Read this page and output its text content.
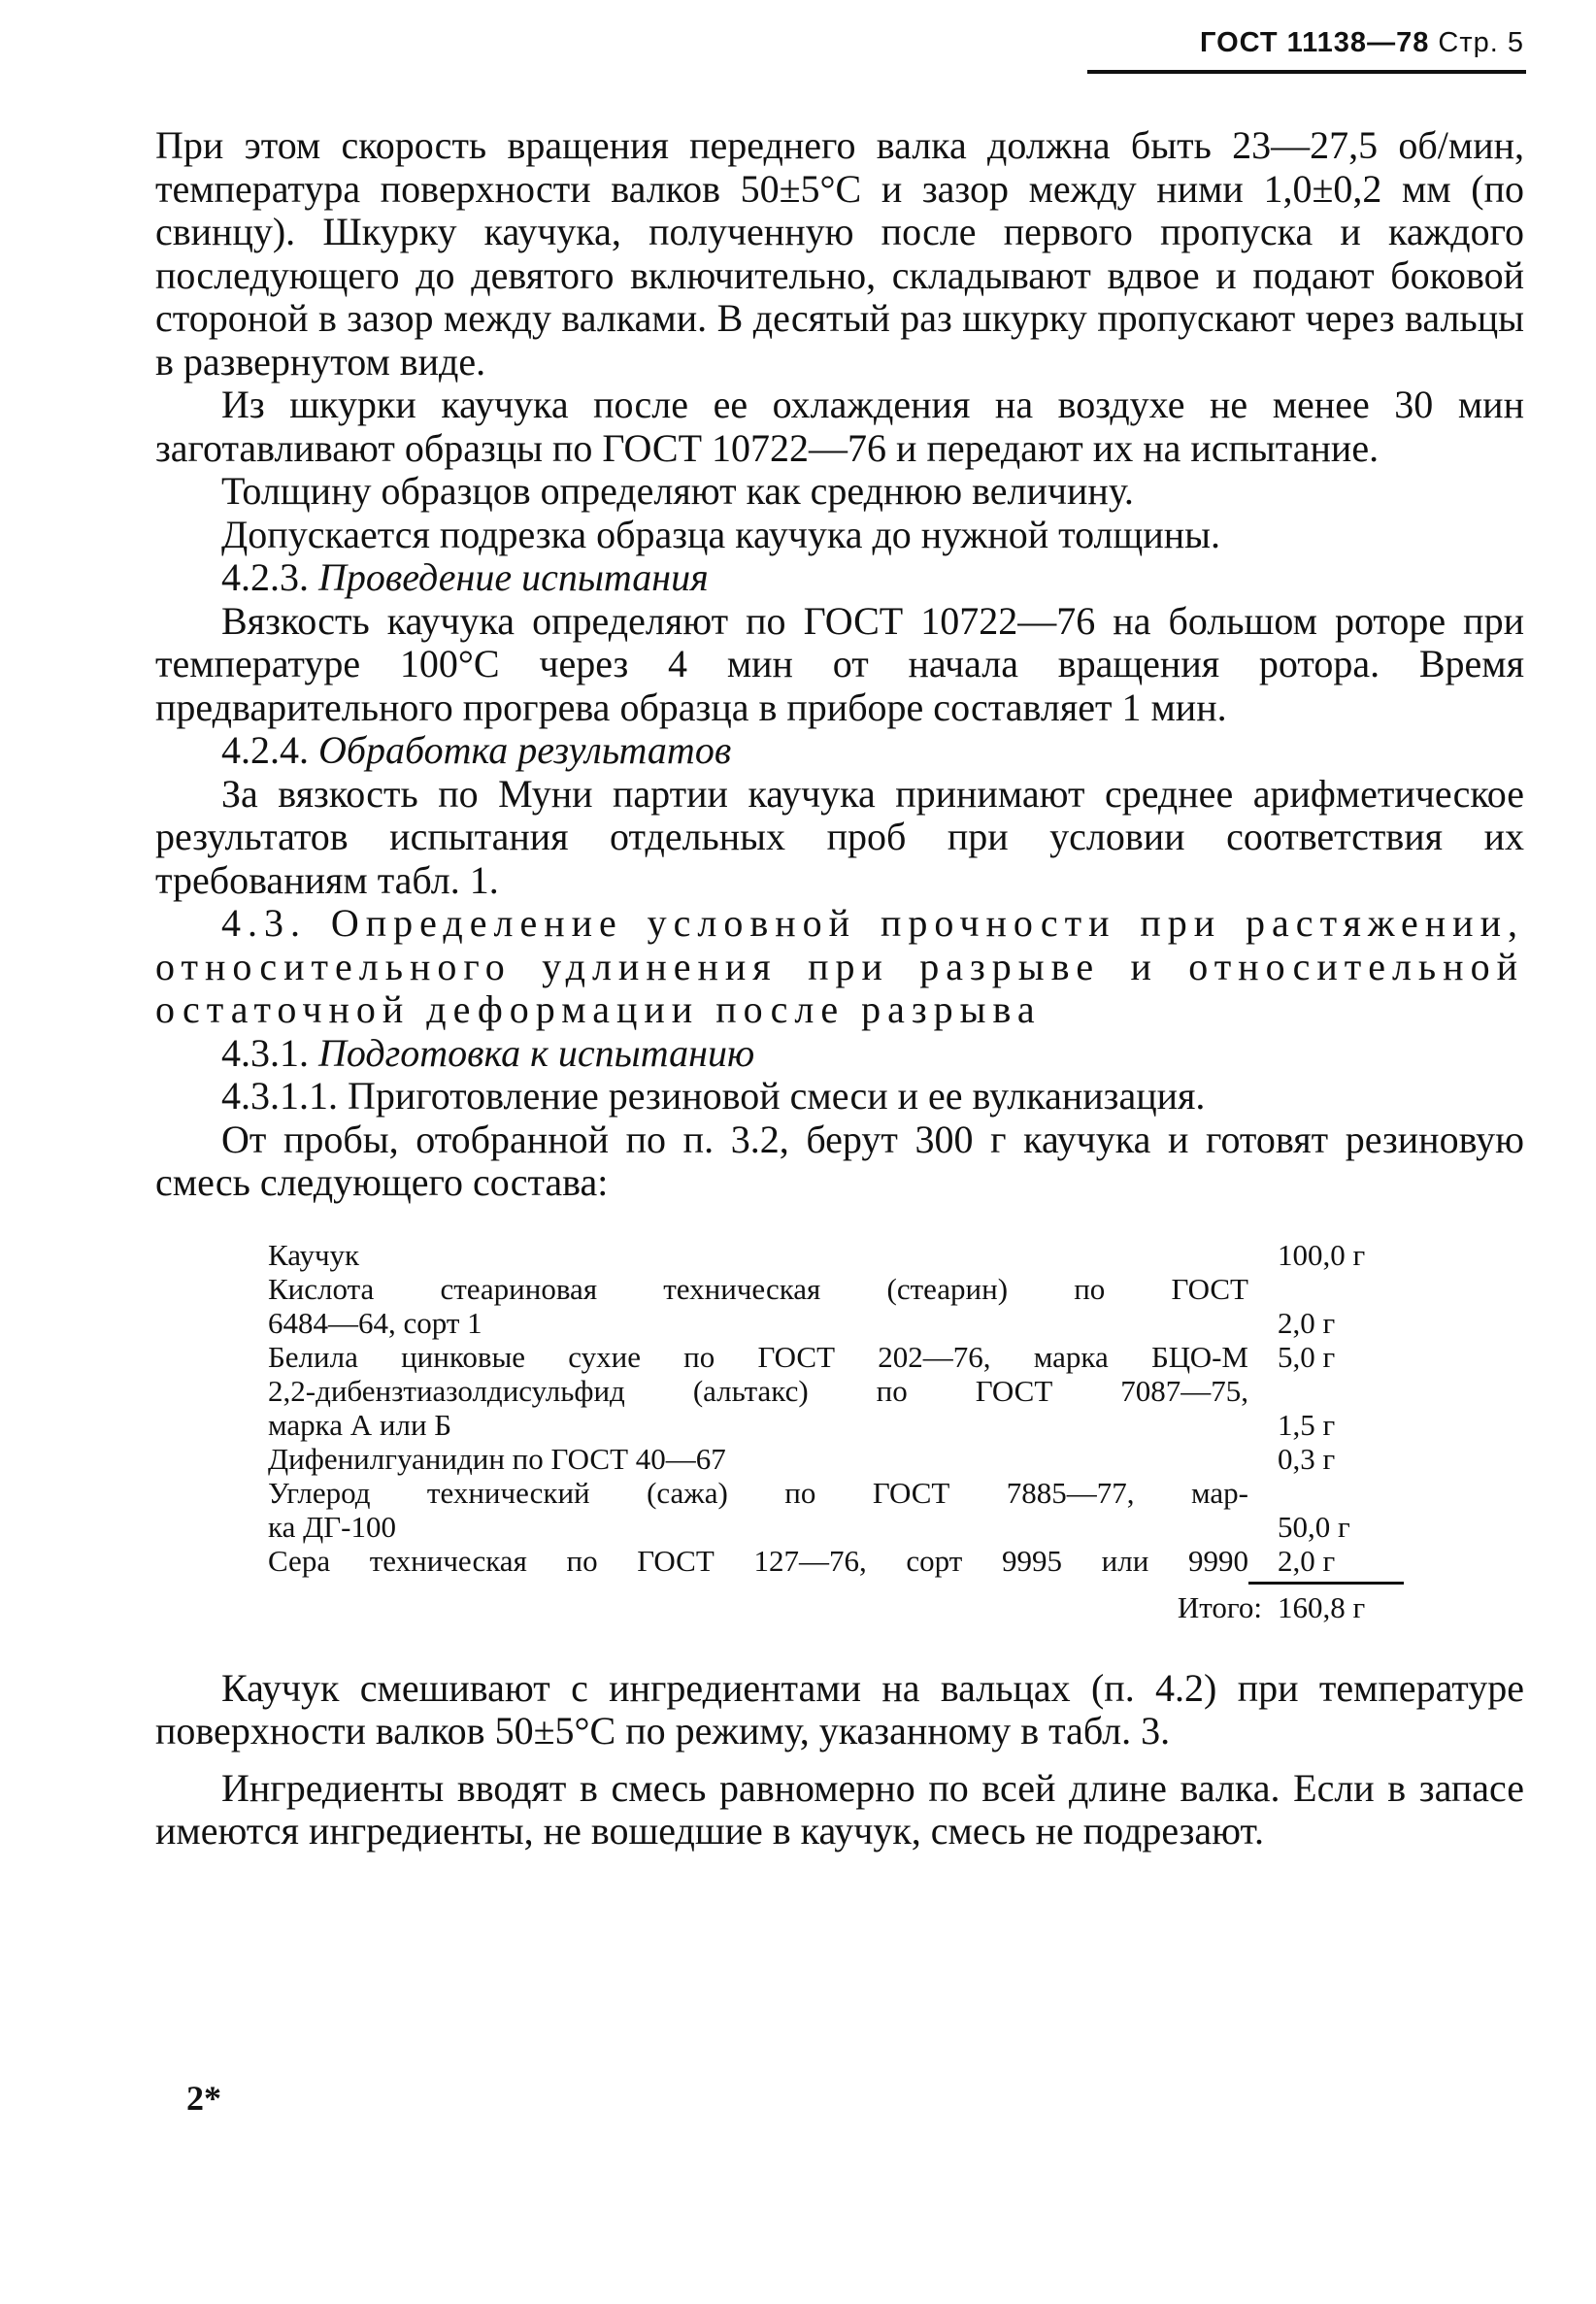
ГОСТ 11138—78 Стр. 5

При этом скорость вращения переднего валка должна быть 23—27,5 об/мин, температура поверхности валков 50±5°С и зазор между ними 1,0±0,2 мм (по свинцу). Шкурку каучука, полученную после первого пропуска и каждого последующего до девятого включительно, складывают вдвое и подают боковой стороной в зазор между валками. В десятый раз шкурку пропускают через вальцы в развернутом виде.

Из шкурки каучука после ее охлаждения на воздухе не менее 30 мин заготавливают образцы по ГОСТ 10722—76 и передают их на испытание.

Толщину образцов определяют как среднюю величину.

Допускается подрезка образца каучука до нужной толщины.

4.2.3. Проведение испытания

Вязкость каучука определяют по ГОСТ 10722—76 на большом роторе при температуре 100°С через 4 мин от начала вращения ротора. Время предварительного прогрева образца в приборе составляет 1 мин.

4.2.4. Обработка результатов

За вязкость по Муни партии каучука принимают среднее арифметическое результатов испытания отдельных проб при условии соответствия их требованиям табл. 1.

4.3. Определение условной прочности при растяжении, относительного удлинения при разрыве и относительной остаточной деформации после разрыва

4.3.1. Подготовка к испытанию

4.3.1.1. Приготовление резиновой смеси и ее вулканизация.

От пробы, отобранной по п. 3.2, берут 300 г каучука и готовят резиновую смесь следующего состава:

Каучук	100,0 г
Кислота стеариновая техническая (стеарин) по ГОСТ
6484—64, сорт 1	2,0 г
Белила цинковые сухие по ГОСТ 202—76, марка БЦО-М 5,0 г
2,2-дибензтиазолдисульфид (альтакс) по ГОСТ 7087—75,
марка А или Б	1,5 г
Дифенилгуанидин по ГОСТ 40—67	0,3 г
Углерод технический (сажа) по ГОСТ 7885—77, мар-
ка ДГ-100	50,0 г
Сера техническая по ГОСТ 127—76, сорт 9995 или 9990 2,0 г
Итого: 160,8 г

Каучук смешивают с ингредиентами на вальцах (п. 4.2) при температуре поверхности валков 50±5°С по режиму, указанному в табл. 3.

Ингредиенты вводят в смесь равномерно по всей длине валка. Если в запасе имеются ингредиенты, не вошедшие в каучук, смесь не подрезают.

2*
